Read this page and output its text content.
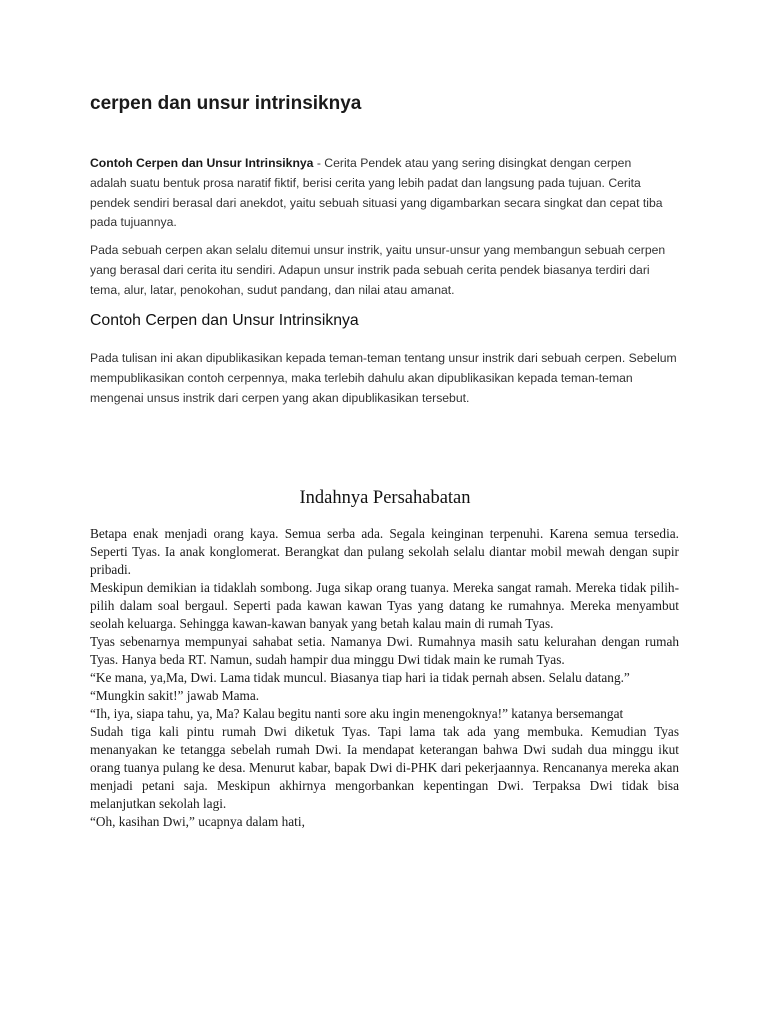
cerpen dan unsur intrinsiknya

Contoh Cerpen dan Unsur Intrinsiknya - Cerita Pendek atau yang sering disingkat dengan cerpen adalah suatu bentuk prosa naratif fiktif, berisi cerita yang lebih padat dan langsung pada tujuan. Cerita pendek sendiri berasal dari anekdot, yaitu sebuah situasi yang digambarkan secara singkat dan cepat tiba pada tujuannya.

Pada sebuah cerpen akan selalu ditemui unsur instrik, yaitu unsur-unsur yang membangun sebuah cerpen yang berasal dari cerita itu sendiri. Adapun unsur instrik pada sebuah cerita pendek biasanya terdiri dari tema, alur, latar, penokohan, sudut pandang, dan nilai atau amanat.

Contoh Cerpen dan Unsur Intrinsiknya

Pada tulisan ini akan dipublikasikan kepada teman-teman tentang unsur instrik dari sebuah cerpen. Sebelum mempublikasikan contoh cerpennya, maka terlebih dahulu akan dipublikasikan kepada teman-teman mengenai unsus instrik dari cerpen yang akan dipublikasikan tersebut.

Indahnya Persahabatan

Betapa enak menjadi orang kaya. Semua serba ada. Segala keinginan terpenuhi. Karena semua tersedia. Seperti Tyas. Ia anak konglomerat. Berangkat dan pulang sekolah selalu diantar mobil mewah dengan supir pribadi.

Meskipun demikian ia tidaklah sombong. Juga sikap orang tuanya. Mereka sangat ramah. Mereka tidak pilih-pilih dalam soal bergaul. Seperti pada kawan kawan Tyas yang datang ke rumahnya. Mereka menyambut seolah keluarga. Sehingga kawan-kawan banyak yang betah kalau main di rumah Tyas.

Tyas sebenarnya mempunyai sahabat setia. Namanya Dwi. Rumahnya masih satu kelurahan dengan rumah Tyas. Hanya beda RT. Namun, sudah hampir dua minggu Dwi tidak main ke rumah Tyas.

“Ke mana, ya,Ma, Dwi. Lama tidak muncul. Biasanya tiap hari ia tidak pernah absen. Selalu datang.”

“Mungkin sakit!” jawab Mama.

“Ih, iya, siapa tahu, ya, Ma? Kalau begitu nanti sore aku ingin menengoknya!” katanya bersemangat

Sudah tiga kali pintu rumah Dwi diketuk Tyas. Tapi lama tak ada yang membuka. Kemudian Tyas menanyakan ke tetangga sebelah rumah Dwi. Ia mendapat keterangan bahwa Dwi sudah dua minggu ikut orang tuanya pulang ke desa. Menurut kabar, bapak Dwi di-PHK dari pekerjaannya. Rencananya mereka akan menjadi petani saja. Meskipun akhirnya mengorbankan kepentingan Dwi. Terpaksa Dwi tidak bisa melanjutkan sekolah lagi.

“Oh, kasihan Dwi,” ucapnya dalam hati,
